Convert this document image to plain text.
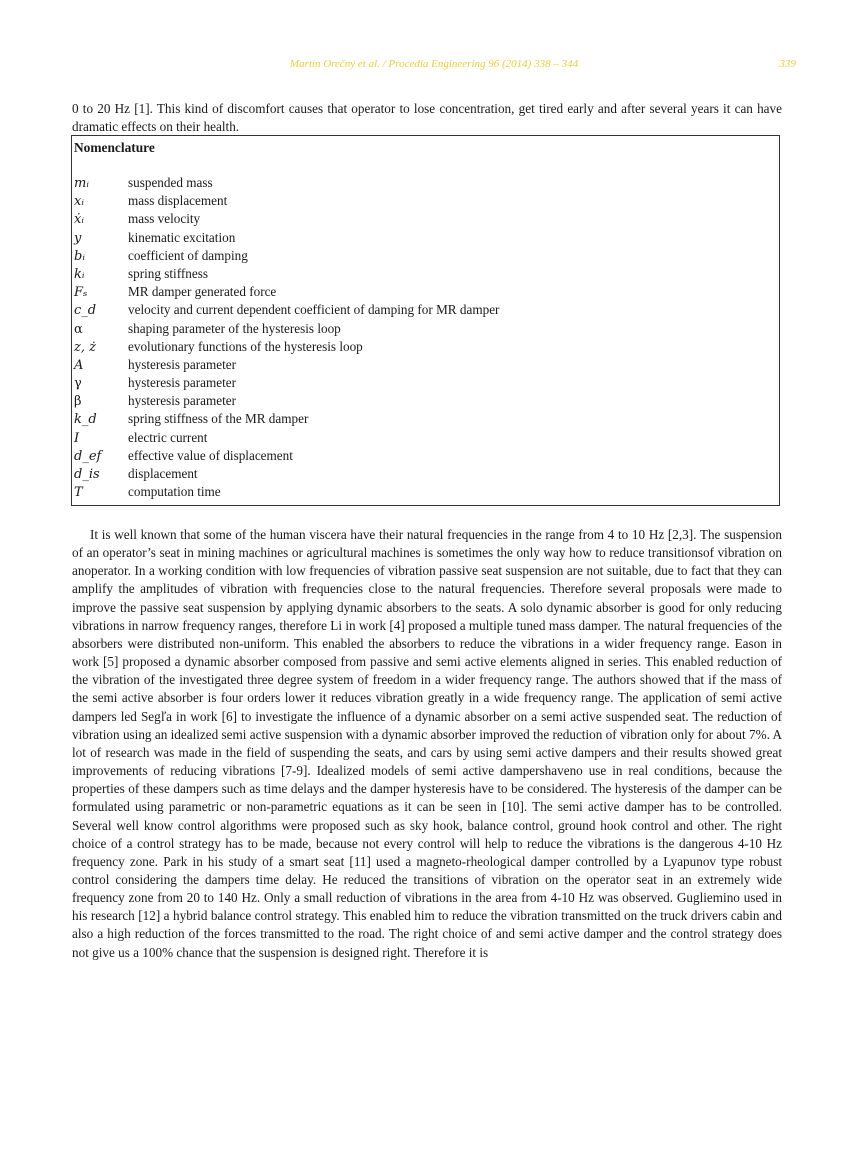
Martin Orečný et al. / Procedia Engineering 96 (2014) 338 – 344	339

0 to 20 Hz [1]. This kind of discomfort causes that operator to lose concentration, get tired early and after several years it can have dramatic effects on their health.

Nomenclature
mᵢ	suspended mass
xᵢ	mass displacement
ẋᵢ	mass velocity
y	kinematic excitation
bᵢ	coefficient of damping
kᵢ	spring stiffness
Fₛ	MR damper generated force
c_d velocity and current dependent coefficient of damping for MR damper
α	shaping parameter of the hysteresis loop
z, ż evolutionary functions of the hysteresis loop
A	hysteresis parameter
γ	hysteresis parameter
β	hysteresis parameter
k_d spring stiffness of the MR damper
I	electric current
d_ef effective value of displacement
d_is displacement
T	computation time

It is well known that some of the human viscera have their natural frequencies in the range from 4 to 10 Hz [2,3]. The suspension of an operator’s seat in mining machines or agricultural machines is sometimes the only way how to reduce transitionsof vibration on anoperator. In a working condition with low frequencies of vibration passive seat suspension are not suitable, due to fact that they can amplify the amplitudes of vibration with frequencies close to the natural frequencies. Therefore several proposals were made to improve the passive seat suspension by applying dynamic absorbers to the seats. A solo dynamic absorber is good for only reducing vibrations in narrow frequency ranges, therefore Li in work [4] proposed a multiple tuned mass damper. The natural frequencies of the absorbers were distributed non-uniform. This enabled the absorbers to reduce the vibrations in a wider frequency range. Eason in work [5] proposed a dynamic absorber composed from passive and semi active elements aligned in series. This enabled reduction of the vibration of the investigated three degree system of freedom in a wider frequency range. The authors showed that if the mass of the semi active absorber is four orders lower it reduces vibration greatly in a wide frequency range. The application of semi active dampers led Segľa in work [6] to investigate the influence of a dynamic absorber on a semi active suspended seat. The reduction of vibration using an idealized semi active suspension with a dynamic absorber improved the reduction of vibration only for about 7%. A lot of research was made in the field of suspending the seats, and cars by using semi active dampers and their results showed great improvements of reducing vibrations [7-9]. Idealized models of semi active dampershaveno use in real conditions, because the properties of these dampers such as time delays and the damper hysteresis have to be considered. The hysteresis of the damper can be formulated using parametric or non-parametric equations as it can be seen in [10]. The semi active damper has to be controlled. Several well know control algorithms were proposed such as sky hook, balance control, ground hook control and other. The right choice of a control strategy has to be made, because not every control will help to reduce the vibrations is the dangerous 4-10 Hz frequency zone. Park in his study of a smart seat [11] used a magneto-rheological damper controlled by a Lyapunov type robust control considering the dampers time delay. He reduced the transitions of vibration on the operator seat in an extremely wide frequency zone from 20 to 140 Hz. Only a small reduction of vibrations in the area from 4-10 Hz was observed. Gugliemino used in his research [12] a hybrid balance control strategy. This enabled him to reduce the vibration transmitted on the truck drivers cabin and also a high reduction of the forces transmitted to the road. The right choice of and semi active damper and the control strategy does not give us a 100% chance that the suspension is designed right. Therefore it is
